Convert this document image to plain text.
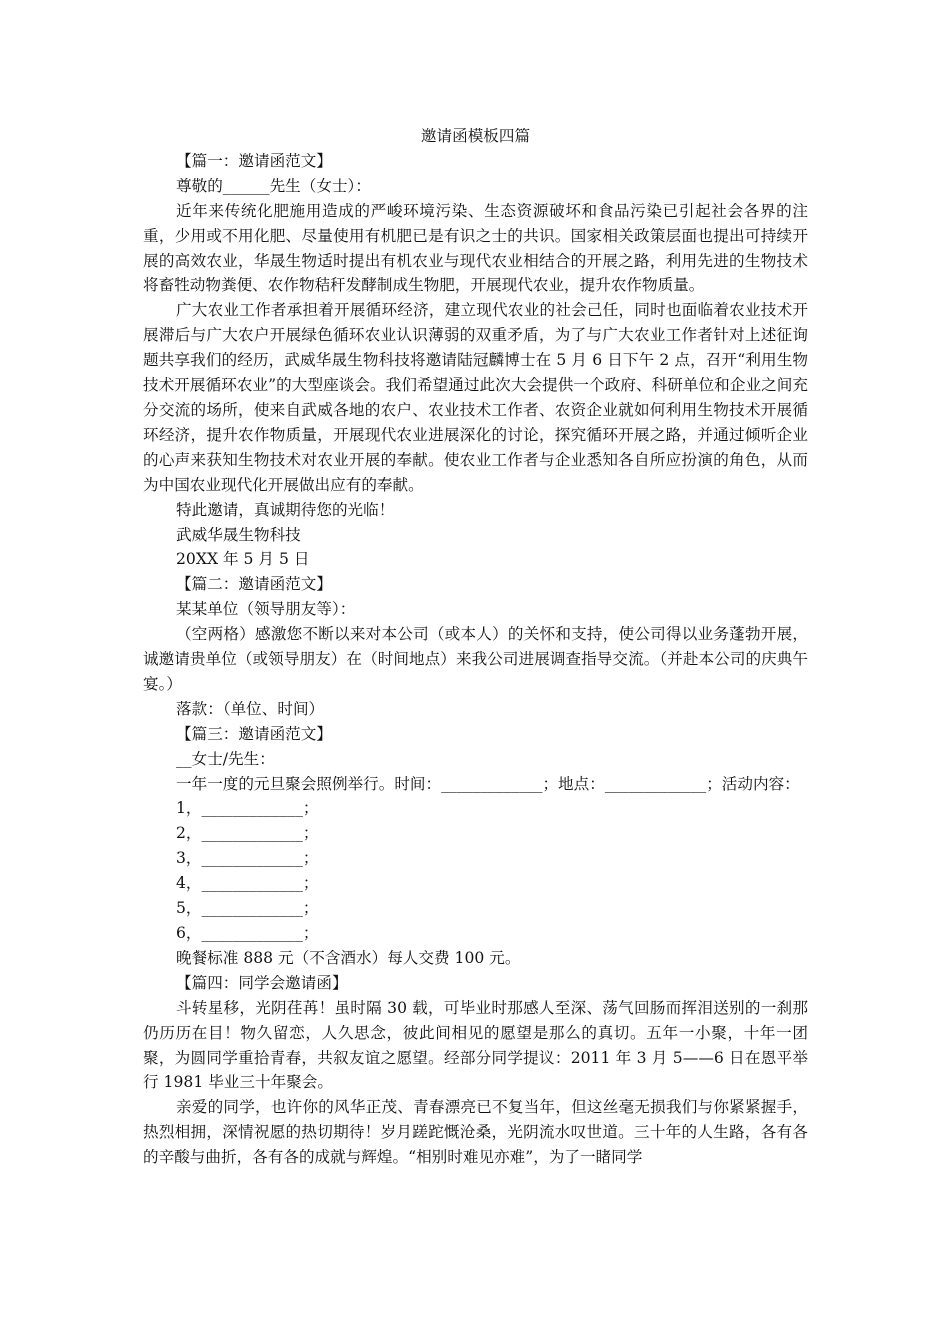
邀请函模板四篇

【篇一：邀请函范文】

尊敬的______先生（女士）：

近年来传统化肥施用造成的严峻环境污染、生态资源破坏和食品污染已引起社会各界的注重，少用或不用化肥、尽量使用有机肥已是有识之士的共识。国家相关政策层面也提出可持续开展的高效农业，华晟生物适时提出有机农业与现代农业相结合的开展之路，利用先进的生物技术将畜牲动物粪便、农作物秸秆发酵制成生物肥，开展现代农业，提升农作物质量。

广大农业工作者承担着开展循环经济，建立现代农业的社会己任，同时也面临着农业技术开展滞后与广大农户开展绿色循环农业认识薄弱的双重矛盾，为了与广大农业工作者针对上述征询题共享我们的经历，武威华晟生物科技将邀请陆冠麟博士在 5 月 6 日下午 2 点，召开“利用生物技术开展循环农业”的大型座谈会。我们希望通过此次大会提供一个政府、科研单位和企业之间充分交流的场所，使来自武威各地的农户、农业技术工作者、农资企业就如何利用生物技术开展循环经济，提升农作物质量，开展现代农业进展深化的讨论，探究循环开展之路，并通过倾听企业的心声来获知生物技术对农业开展的奉献。使农业工作者与企业悉知各自所应扮演的角色，从而为中国农业现代化开展做出应有的奉献。

特此邀请，真诚期待您的光临！

武威华晟生物科技

20XX 年 5 月 5 日

【篇二：邀请函范文】

某某单位（领导朋友等）：

（空两格）感激您不断以来对本公司（或本人）的关怀和支持，使公司得以业务蓬勃开展，诚邀请贵单位（或领导朋友）在（时间地点）来我公司进展调查指导交流。（并赴本公司的庆典午宴。）

落款：（单位、时间）

【篇三：邀请函范文】

__女士/先生：

一年一度的元旦聚会照例举行。时间：_____________；地点：_____________；活动内容：

1，_____________；

2，_____________；

3，_____________；

4，_____________；

5，_____________；

6，_____________；

晚餐标准 888 元（不含酒水）每人交费 100 元。

【篇四：同学会邀请函】

斗转星移，光阴荏苒！虽时隔 30 载，可毕业时那感人至深、荡气回肠而挥泪送别的一刹那仍历历在目！物久留恋，人久思念，彼此间相见的愿望是那么的真切。五年一小聚，十年一团聚，为圆同学重拾青春，共叙友谊之愿望。经部分同学提议：2011 年 3 月 5——6 日在恩平举行 1981 毕业三十年聚会。

亲爱的同学，也许你的风华正茂、青春漂亮已不复当年，但这丝毫无损我们与你紧紧握手，热烈相拥，深情祝愿的热切期待！岁月蹉跎慨沧桑，光阴流水叹世道。三十年的人生路，各有各的辛酸与曲折，各有各的成就与辉煌。“相别时难见亦难”，为了一睹同学
